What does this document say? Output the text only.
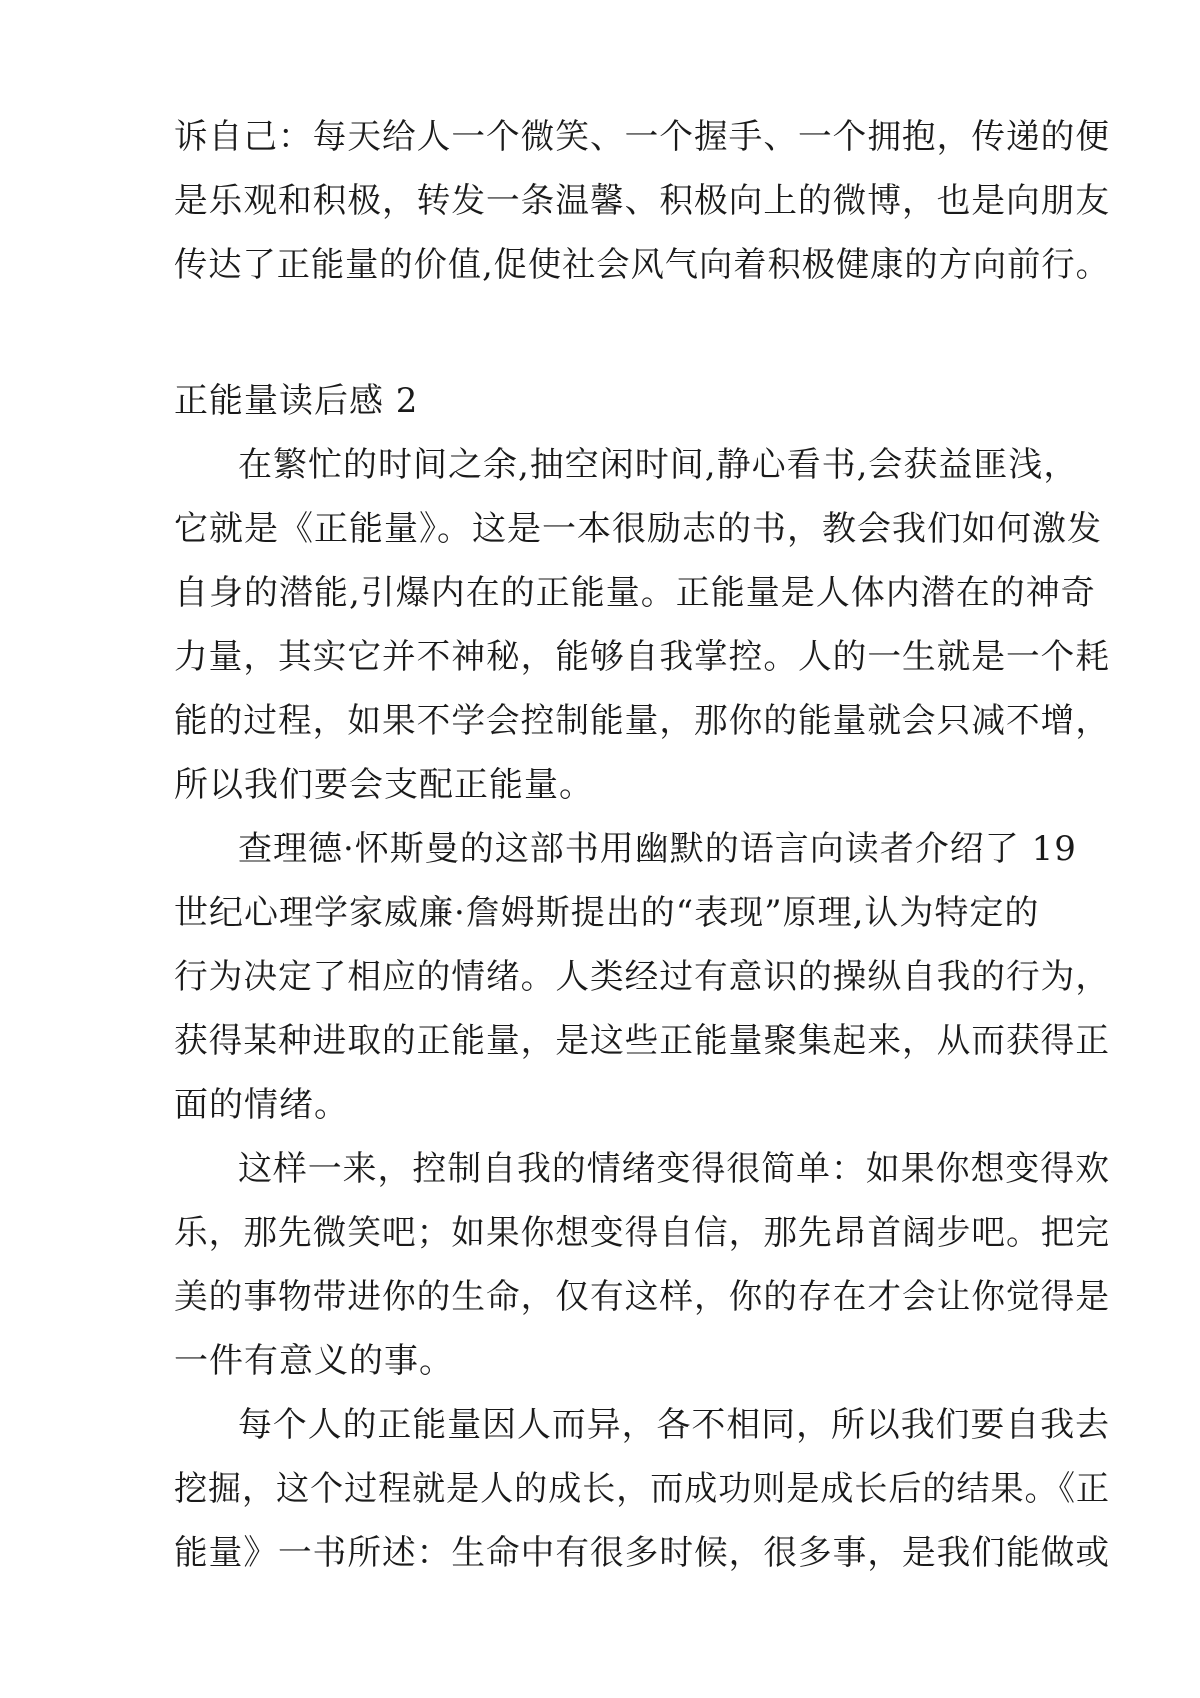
诉自己：每天给人一个微笑、一个握手、一个拥抱，传递的便
是乐观和积极，转发一条温馨、积极向上的微博，也是向朋友
传达了正能量的价值,促使社会风气向着积极健康的方向前行。
正能量读后感 2
在繁忙的时间之余,抽空闲时间,静心看书,会获益匪浅，
它就是《正能量》。这是一本很励志的书，教会我们如何激发
自身的潜能,引爆内在的正能量。正能量是人体内潜在的神奇
力量，其实它并不神秘，能够自我掌控。人的一生就是一个耗
能的过程，如果不学会控制能量，那你的能量就会只减不增，
所以我们要会支配正能量。
查理德·怀斯曼的这部书用幽默的语言向读者介绍了 19
世纪心理学家威廉·詹姆斯提出的“表现”原理,认为特定的
行为决定了相应的情绪。人类经过有意识的操纵自我的行为，
获得某种进取的正能量，是这些正能量聚集起来，从而获得正
面的情绪。
这样一来，控制自我的情绪变得很简单：如果你想变得欢
乐，那先微笑吧；如果你想变得自信，那先昂首阔步吧。把完
美的事物带进你的生命，仅有这样，你的存在才会让你觉得是
一件有意义的事。
每个人的正能量因人而异，各不相同，所以我们要自我去
挖掘，这个过程就是人的成长，而成功则是成长后的结果。《正
能量》一书所述：生命中有很多时候，很多事，是我们能做或
